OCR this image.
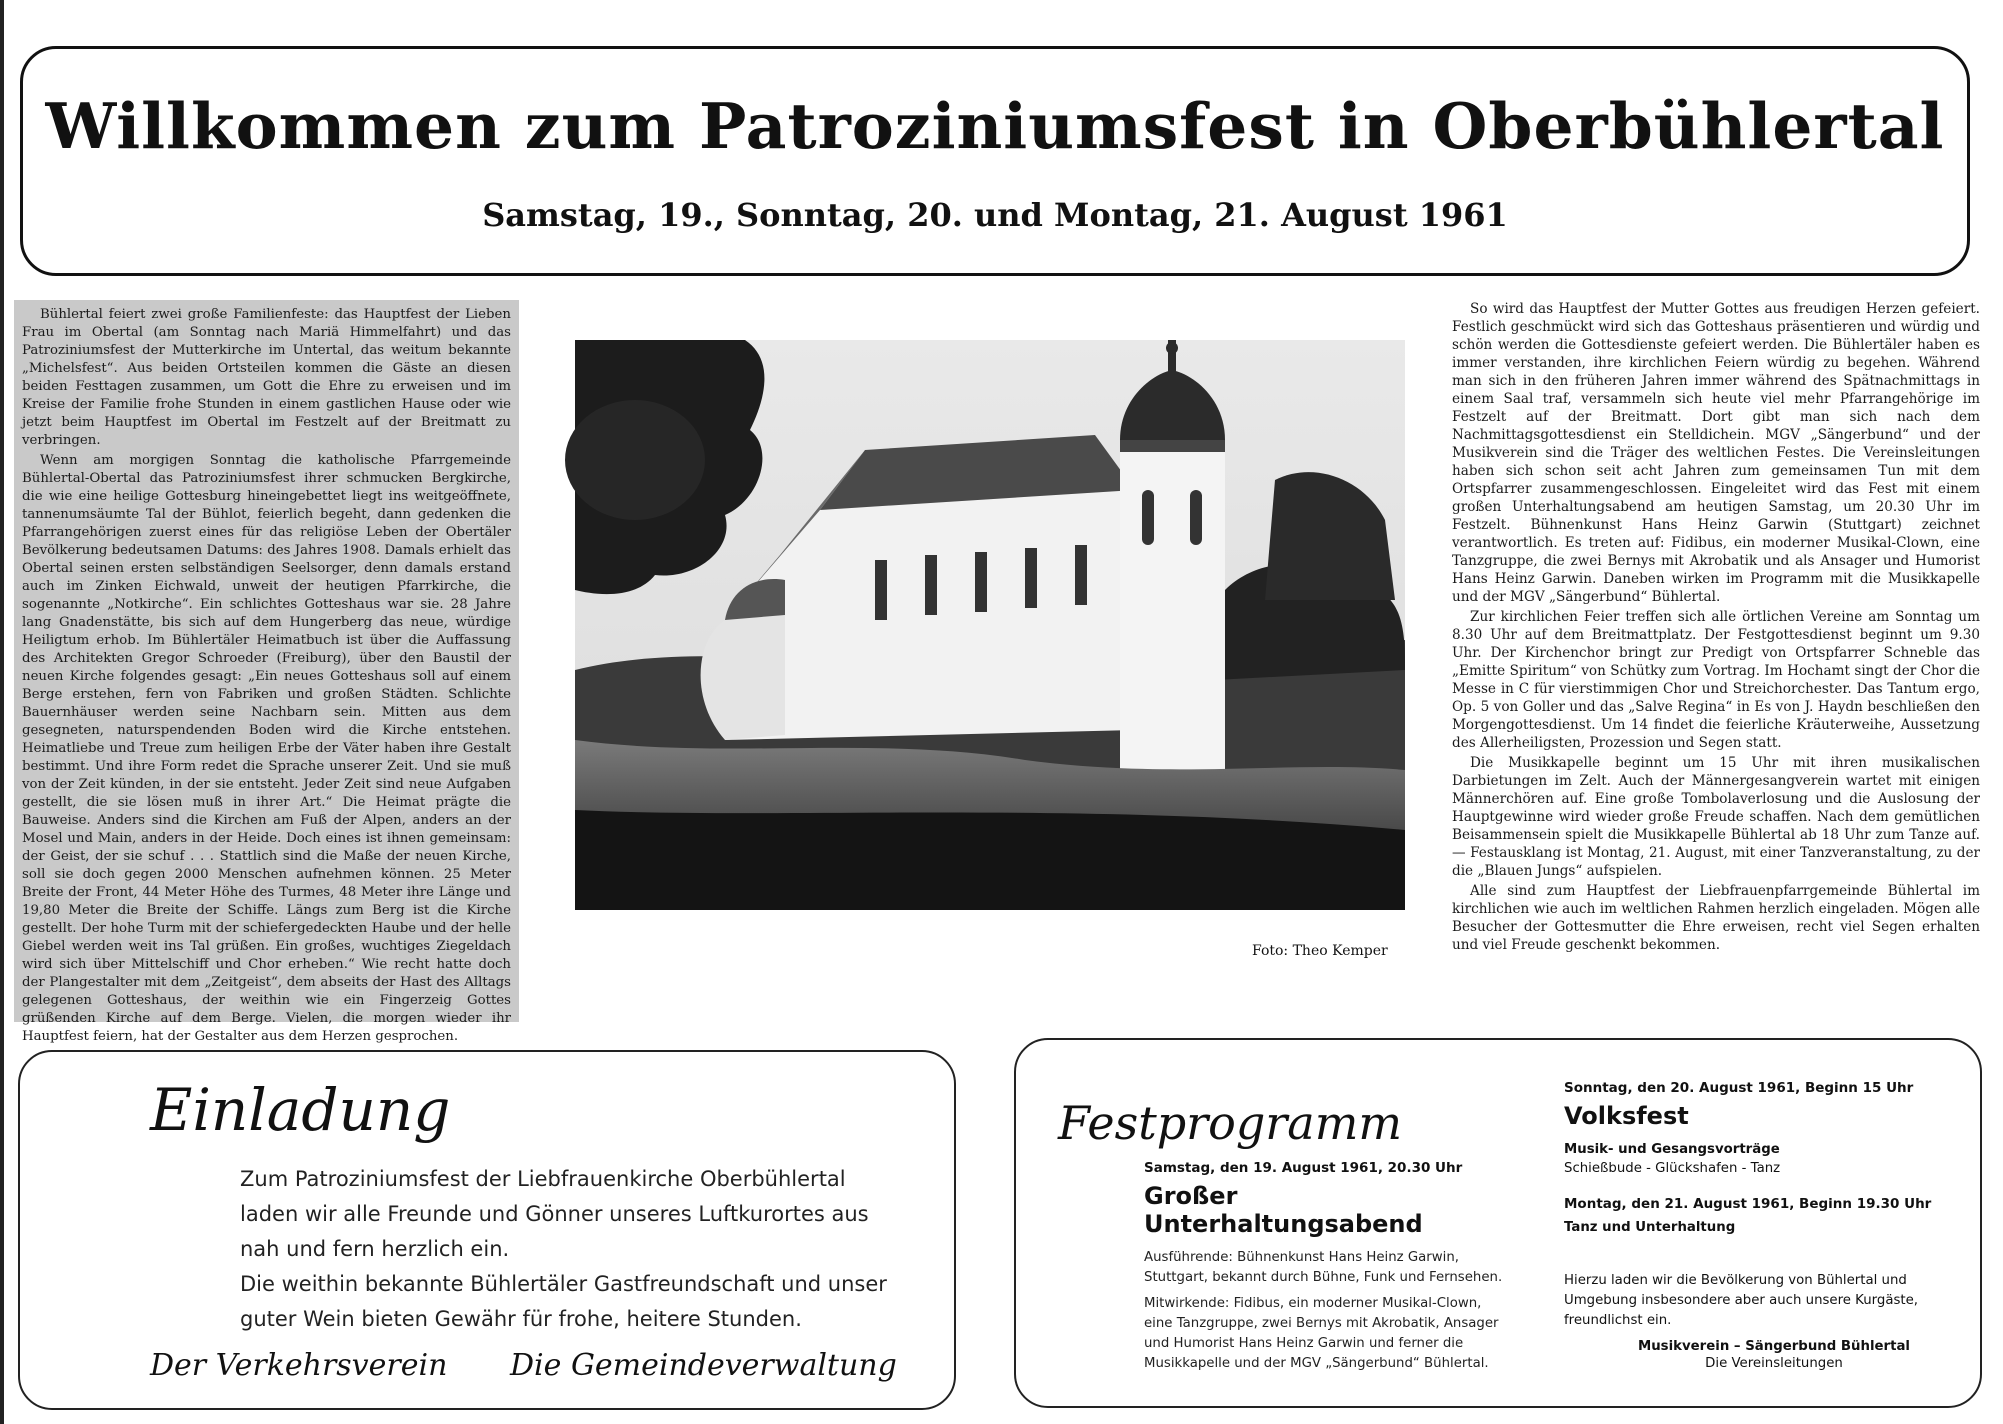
Willkommen zum Patroziniumsfest in Oberbühlertal
Samstag, 19., Sonntag, 20. und Montag, 21. August 1961

Bühlertal feiert zwei große Familienfeste: das Hauptfest der Lieben Frau im Obertal (am Sonntag nach Mariä Himmelfahrt) und das Patroziniumsfest der Mutterkirche im Untertal, das weitum bekannte „Michelsfest“. Aus beiden Ortsteilen kommen die Gäste an diesen beiden Festtagen zusammen, um Gott die Ehre zu erweisen und im Kreise der Familie frohe Stunden in einem gastlichen Hause oder wie jetzt beim Hauptfest im Obertal im Festzelt auf der Breitmatt zu verbringen.

Wenn am morgigen Sonntag die katholische Pfarrgemeinde Bühlertal-Obertal das Patroziniumsfest ihrer schmucken Bergkirche, die wie eine heilige Gottesburg hineingebettet liegt ins weitgeöffnete, tannenumsäumte Tal der Bühlot, feierlich begeht, dann gedenken die Pfarrangehörigen zuerst eines für das religiöse Leben der Obertäler Bevölkerung bedeutsamen Datums: des Jahres 1908. Damals erhielt das Obertal seinen ersten selbständigen Seelsorger, denn damals erstand auch im Zinken Eichwald, unweit der heutigen Pfarrkirche, die sogenannte „Notkirche“. Ein schlichtes Gotteshaus war sie. 28 Jahre lang Gnadenstätte, bis sich auf dem Hungerberg das neue, würdige Heiligtum erhob. Im Bühlertäler Heimatbuch ist über die Auffassung des Architekten Gregor Schroeder (Freiburg), über den Baustil der neuen Kirche folgendes gesagt: „Ein neues Gotteshaus soll auf einem Berge erstehen, fern von Fabriken und großen Städten. Schlichte Bauernhäuser werden seine Nachbarn sein. Mitten aus dem gesegneten, naturspendenden Boden wird die Kirche entstehen. Heimatliebe und Treue zum heiligen Erbe der Väter haben ihre Gestalt bestimmt. Und ihre Form redet die Sprache unserer Zeit. Und sie muß von der Zeit künden, in der sie entsteht. Jeder Zeit sind neue Aufgaben gestellt, die sie lösen muß in ihrer Art.“ Die Heimat prägte die Bauweise. Anders sind die Kirchen am Fuß der Alpen, anders an der Mosel und Main, anders in der Heide. Doch eines ist ihnen gemeinsam: der Geist, der sie schuf . . . Stattlich sind die Maße der neuen Kirche, soll sie doch gegen 2000 Menschen aufnehmen können. 25 Meter Breite der Front, 44 Meter Höhe des Turmes, 48 Meter ihre Länge und 19,80 Meter die Breite der Schiffe. Längs zum Berg ist die Kirche gestellt. Der hohe Turm mit der schiefergedeckten Haube und der helle Giebel werden weit ins Tal grüßen. Ein großes, wuchtiges Ziegeldach wird sich über Mittelschiff und Chor erheben.“ Wie recht hatte doch der Plangestalter mit dem „Zeitgeist“, dem abseits der Hast des Alltags gelegenen Gotteshaus, der weithin wie ein Fingerzeig Gottes grüßenden Kirche auf dem Berge. Vielen, die morgen wieder ihr Hauptfest feiern, hat der Gestalter aus dem Herzen gesprochen.

Foto: Theo Kemper

So wird das Hauptfest der Mutter Gottes aus freudigen Herzen gefeiert. Festlich geschmückt wird sich das Gotteshaus präsentieren und würdig und schön werden die Gottesdienste gefeiert werden. Die Bühlertäler haben es immer verstanden, ihre kirchlichen Feiern würdig zu begehen. Während man sich in den früheren Jahren immer während des Spätnachmittags in einem Saal traf, versammeln sich heute viel mehr Pfarrangehörige im Festzelt auf der Breitmatt. Dort gibt man sich nach dem Nachmittagsgottesdienst ein Stelldichein. MGV „Sängerbund“ und der Musikverein sind die Träger des weltlichen Festes. Die Vereinsleitungen haben sich schon seit acht Jahren zum gemeinsamen Tun mit dem Ortspfarrer zusammengeschlossen. Eingeleitet wird das Fest mit einem großen Unterhaltungsabend am heutigen Samstag, um 20.30 Uhr im Festzelt. Bühnenkunst Hans Heinz Garwin (Stuttgart) zeichnet verantwortlich. Es treten auf: Fidibus, ein moderner Musikal-Clown, eine Tanzgruppe, die zwei Bernys mit Akrobatik und als Ansager und Humorist Hans Heinz Garwin. Daneben wirken im Programm mit die Musikkapelle und der MGV „Sängerbund“ Bühlertal.

Zur kirchlichen Feier treffen sich alle örtlichen Vereine am Sonntag um 8.30 Uhr auf dem Breitmattplatz. Der Festgottesdienst beginnt um 9.30 Uhr. Der Kirchenchor bringt zur Predigt von Ortspfarrer Schneble das „Emitte Spiritum“ von Schütky zum Vortrag. Im Hochamt singt der Chor die Messe in C für vierstimmigen Chor und Streichorchester. Das Tantum ergo, Op. 5 von Goller und das „Salve Regina“ in Es von J. Haydn beschließen den Morgengottesdienst. Um 14 findet die feierliche Kräuterweihe, Aussetzung des Allerheiligsten, Prozession und Segen statt.

Die Musikkapelle beginnt um 15 Uhr mit ihren musikalischen Darbietungen im Zelt. Auch der Männergesangverein wartet mit einigen Männerchören auf. Eine große Tombolaverlosung und die Auslosung der Hauptgewinne wird wieder große Freude schaffen. Nach dem gemütlichen Beisammensein spielt die Musikkapelle Bühlertal ab 18 Uhr zum Tanze auf. — Festausklang ist Montag, 21. August, mit einer Tanzveranstaltung, zu der die „Blauen Jungs“ aufspielen.

Alle sind zum Hauptfest der Liebfrauenpfarrgemeinde Bühlertal im kirchlichen wie auch im weltlichen Rahmen herzlich eingeladen. Mögen alle Besucher der Gottesmutter die Ehre erweisen, recht viel Segen erhalten und viel Freude geschenkt bekommen.

Einladung

Zum Patroziniumsfest der Liebfrauenkirche Oberbühlertal laden wir alle Freunde und Gönner unseres Luftkurortes aus nah und fern herzlich ein.

Die weithin bekannte Bühlertäler Gastfreundschaft und unser guter Wein bieten Gewähr für frohe, heitere Stunden.

Der Verkehrsverein Die Gemeindeverwaltung
Festprogramm

Samstag, den 19. August 1961, 20.30 Uhr

Großer Unterhaltungsabend

Ausführende: Bühnenkunst Hans Heinz Garwin, Stuttgart, bekannt durch Bühne, Funk und Fernsehen.

Mitwirkende: Fidibus, ein moderner Musikal-Clown, eine Tanzgruppe, zwei Bernys mit Akrobatik, Ansager und Humorist Hans Heinz Garwin und ferner die Musikkapelle und der MGV „Sängerbund“ Bühlertal.

Sonntag, den 20. August 1961, Beginn 15 Uhr

Volksfest

Musik- und Gesangsvorträge

Schießbude - Glückshafen - Tanz

Montag, den 21. August 1961, Beginn 19.30 Uhr

Tanz und Unterhaltung

Hierzu laden wir die Bevölkerung von Bühlertal und Umgebung insbesondere aber auch unsere Kurgäste, freundlichst ein.

Musikverein – Sängerbund Bühlertal

Die Vereinsleitungen
